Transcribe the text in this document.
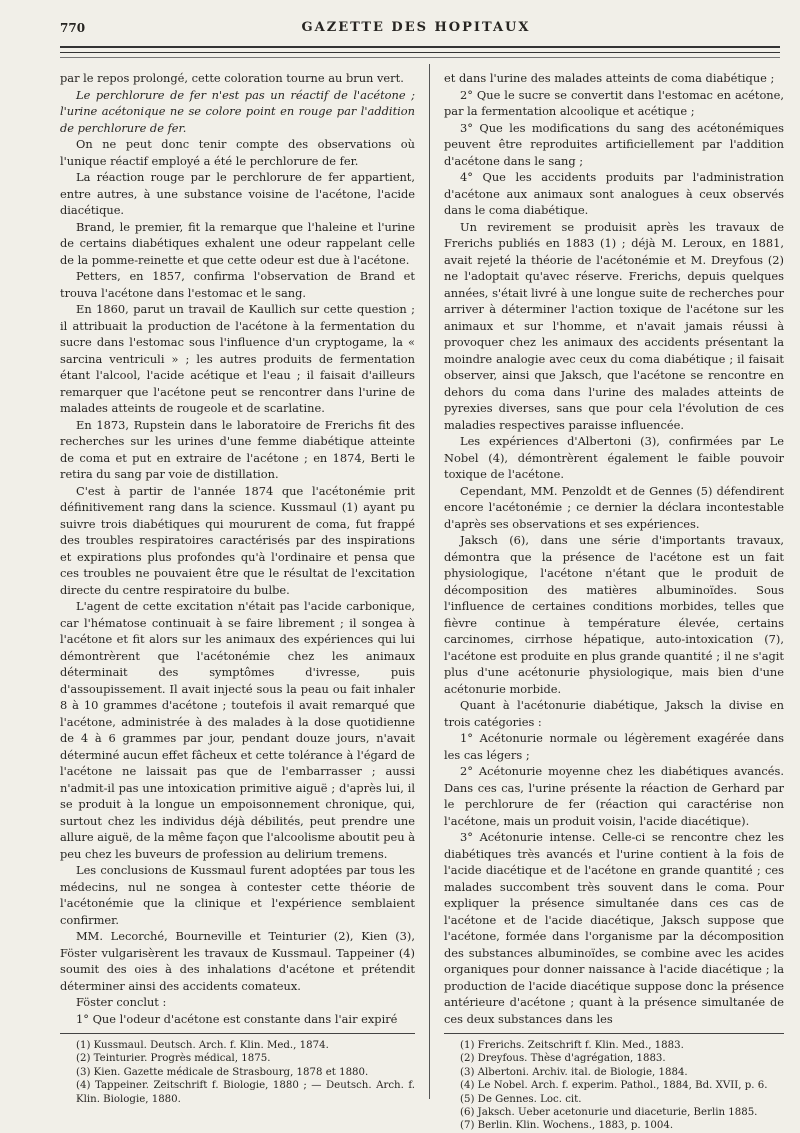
770	GAZETTE DES HOPITAUX

par le repos prolongé, cette coloration tourne au brun vert.

Le perchlorure de fer n'est pas un réactif de l'acétone ; l'urine acétonique ne se colore point en rouge par l'addition de perchlorure de fer.

On ne peut donc tenir compte des observations où l'unique réactif employé a été le perchlorure de fer.

La réaction rouge par le perchlorure de fer appartient, entre autres, à une substance voisine de l'acétone, l'acide diacétique.

Brand, le premier, fit la remarque que l'haleine et l'urine de certains diabétiques exhalent une odeur rappelant celle de la pomme-reinette et que cette odeur est due à l'acétone.

Petters, en 1857, confirma l'observation de Brand et trouva l'acétone dans l'estomac et le sang.

En 1860, parut un travail de Kaullich sur cette question ; il attribuait la production de l'acétone à la fermentation du sucre dans l'estomac sous l'influence d'un cryptogame, la « sarcina ventriculi » ; les autres produits de fermentation étant l'alcool, l'acide acétique et l'eau ; il faisait d'ailleurs remarquer que l'acétone peut se rencontrer dans l'urine de malades atteints de rougeole et de scarlatine.

En 1873, Rupstein dans le laboratoire de Frerichs fit des recherches sur les urines d'une femme diabétique atteinte de coma et put en extraire de l'acétone ; en 1874, Berti le retira du sang par voie de distillation.

C'est à partir de l'année 1874 que l'acétonémie prit définitivement rang dans la science. Kussmaul (1) ayant pu suivre trois diabétiques qui moururent de coma, fut frappé des troubles respiratoires caractérisés par des inspirations et expirations plus profondes qu'à l'ordinaire et pensa que ces troubles ne pouvaient être que le résultat de l'excitation directe du centre respiratoire du bulbe.

L'agent de cette excitation n'était pas l'acide carbonique, car l'hématose continuait à se faire librement ; il songea à l'acétone et fit alors sur les animaux des expériences qui lui démontrèrent que l'acétonémie chez les animaux déterminait des symptômes d'ivresse, puis d'assoupissement. Il avait injecté sous la peau ou fait inhaler 8 à 10 grammes d'acétone ; toutefois il avait remarqué que l'acétone, administrée à des malades à la dose quotidienne de 4 à 6 grammes par jour, pendant douze jours, n'avait déterminé aucun effet fâcheux et cette tolérance à l'égard de l'acétone ne laissait pas que de l'embarrasser ; aussi n'admit-il pas une intoxication primitive aiguë ; d'après lui, il se produit à la longue un empoisonnement chronique, qui, surtout chez les individus déjà débilités, peut prendre une allure aiguë, de la même façon que l'alcoolisme aboutit peu à peu chez les buveurs de profession au delirium tremens.

Les conclusions de Kussmaul furent adoptées par tous les médecins, nul ne songea à contester cette théorie de l'acétonémie que la clinique et l'expérience semblaient confirmer.

MM. Lecorché, Bourneville et Teinturier (2), Kien (3), Föster vulgarisèrent les travaux de Kussmaul. Tappeiner (4) soumit des oies à des inhalations d'acétone et prétendit déterminer ainsi des accidents comateux.

Föster conclut :

1° Que l'odeur d'acétone est constante dans l'air expiré

(1) Kussmaul. Deutsch. Arch. f. Klin. Med., 1874.

(2) Teinturier. Progrès médical, 1875.

(3) Kien. Gazette médicale de Strasbourg, 1878 et 1880.

(4) Tappeiner. Zeitschrift f. Biologie, 1880 ; — Deutsch. Arch. f. Klin. Biologie, 1880.

et dans l'urine des malades atteints de coma diabétique ;

2° Que le sucre se convertit dans l'estomac en acétone, par la fermentation alcoolique et acétique ;

3° Que les modifications du sang des acétonémiques peuvent être reproduites artificiellement par l'addition d'acétone dans le sang ;

4° Que les accidents produits par l'administration d'acétone aux animaux sont analogues à ceux observés dans le coma diabétique.

Un revirement se produisit après les travaux de Frerichs publiés en 1883 (1) ; déjà M. Leroux, en 1881, avait rejeté la théorie de l'acétonémie et M. Dreyfous (2) ne l'adoptait qu'avec réserve. Frerichs, depuis quelques années, s'était livré à une longue suite de recherches pour arriver à déterminer l'action toxique de l'acétone sur les animaux et sur l'homme, et n'avait jamais réussi à provoquer chez les animaux des accidents présentant la moindre analogie avec ceux du coma diabétique ; il faisait observer, ainsi que Jaksch, que l'acétone se rencontre en dehors du coma dans l'urine des malades atteints de pyrexies diverses, sans que pour cela l'évolution de ces maladies respectives paraisse influencée.

Les expériences d'Albertoni (3), confirmées par Le Nobel (4), démontrèrent également le faible pouvoir toxique de l'acétone.

Cependant, MM. Penzoldt et de Gennes (5) défendirent encore l'acétonémie ; ce dernier la déclara incontestable d'après ses observations et ses expériences.

Jaksch (6), dans une série d'importants travaux, démontra que la présence de l'acétone est un fait physiologique, l'acétone n'étant que le produit de décomposition des matières albuminoïdes. Sous l'influence de certaines conditions morbides, telles que fièvre continue à température élevée, certains carcinomes, cirrhose hépatique, auto-intoxication (7), l'acétone est produite en plus grande quantité ; il ne s'agit plus d'une acétonurie physiologique, mais bien d'une acétonurie morbide.

Quant à l'acétonurie diabétique, Jaksch la divise en trois catégories :

1° Acétonurie normale ou légèrement exagérée dans les cas légers ;

2° Acétonurie moyenne chez les diabétiques avancés. Dans ces cas, l'urine présente la réaction de Gerhard par le perchlorure de fer (réaction qui caractérise non l'acétone, mais un produit voisin, l'acide diacétique).

3° Acétonurie intense. Celle-ci se rencontre chez les diabétiques très avancés et l'urine contient à la fois de l'acide diacétique et de l'acétone en grande quantité ; ces malades succombent très souvent dans le coma. Pour expliquer la présence simultanée dans ces cas de l'acétone et de l'acide diacétique, Jaksch suppose que l'acétone, formée dans l'organisme par la décomposition des substances albuminoïdes, se combine avec les acides organiques pour donner naissance à l'acide diacétique ; la production de l'acide diacétique suppose donc la présence antérieure d'acétone ; quant à la présence simultanée de ces deux substances dans les

(1) Frerichs. Zeitschrift f. Klin. Med., 1883.

(2) Dreyfous. Thèse d'agrégation, 1883.

(3) Albertoni. Archiv. ital. de Biologie, 1884.

(4) Le Nobel. Arch. f. experim. Pathol., 1884, Bd. XVII, p. 6.

(5) De Gennes. Loc. cit.

(6) Jaksch. Ueber acetonurie und diaceturie, Berlin 1885.

(7) Berlin. Klin. Wochens., 1883, p. 1004.
